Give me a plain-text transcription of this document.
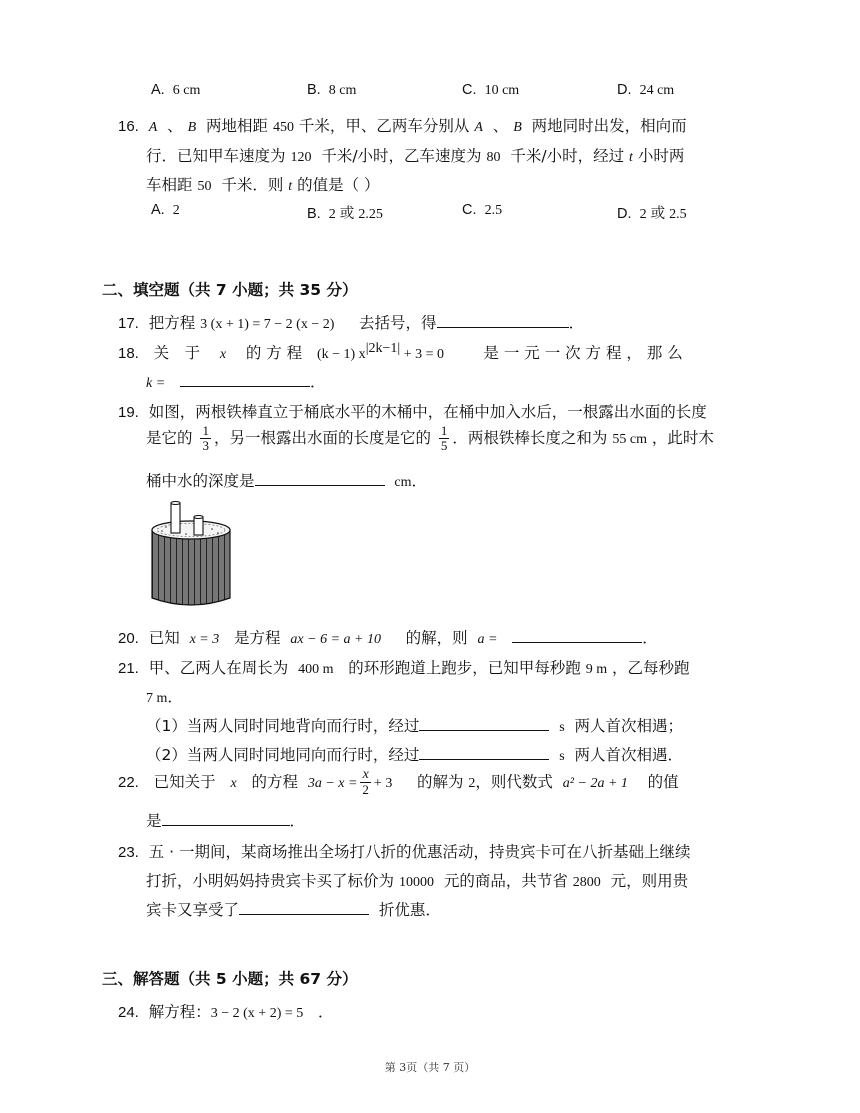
A. 6 cm	B. 8 cm	C. 10 cm	D. 24 cm
16. A 、 B 两地相距 450 千米，甲、乙两车分别从 A 、 B 两地同时出发，相向而
行．已知甲车速度为 120 千米/小时，乙车速度为 80 千米/小时，经过 t 小时两
车相距 50 千米．则 t 的值是（ ）
A. 2	B. 2 或 2.25	C. 2.5	D. 2 或 2.5
二、填空题（共 7 小题；共 35 分）
17. 把方程 3 (x + 1) = 7 − 2 (x − 2) 去括号，得	．
18. 关　于 x 的 方 程 (k − 1) $x^{|2k-1|} + 3 = 0$	是 一 元 一 次 方 程 ， 那 么
k =	．
19. 如图，两根铁棒直立于桶底水平的木桶中，在桶中加入水后，一根露出水面的长度
是它的 $\frac{1}{3}$ ，另一根露出水面的长度是它的 $\frac{1}{5}$ ．两根铁棒长度之和为 55 cm ，此时木
桶中水的深度是	cm．
20. 已知 x = 3 是方程 ax − 6 = a + 10 的解，则 a =	．
21. 甲、乙两人在周长为 400 m 的环形跑道上跑步，已知甲每秒跑 9 m ，乙每秒跑
7 m．
（1）当两人同时同地背向而行时，经过	s 两人首次相遇；
（2）当两人同时同地同向而行时，经过	s 两人首次相遇．
22. 已知关于 x 的方程 $3a - x = \frac{x}{2} + 3$ 的解为 2，则代数式 a² − 2a + 1 的值
是	．
23. 五 · 一期间，某商场推出全场打八折的优惠活动，持贵宾卡可在八折基础上继续
打折，小明妈妈持贵宾卡买了标价为 10000 元的商品，共节省 2800 元，则用贵
宾卡又享受了	折优惠．
三、解答题（共 5 小题；共 67 分）
24. 解方程：3 − 2 (x + 2) = 5 ．
第 3页（共 7 页）
